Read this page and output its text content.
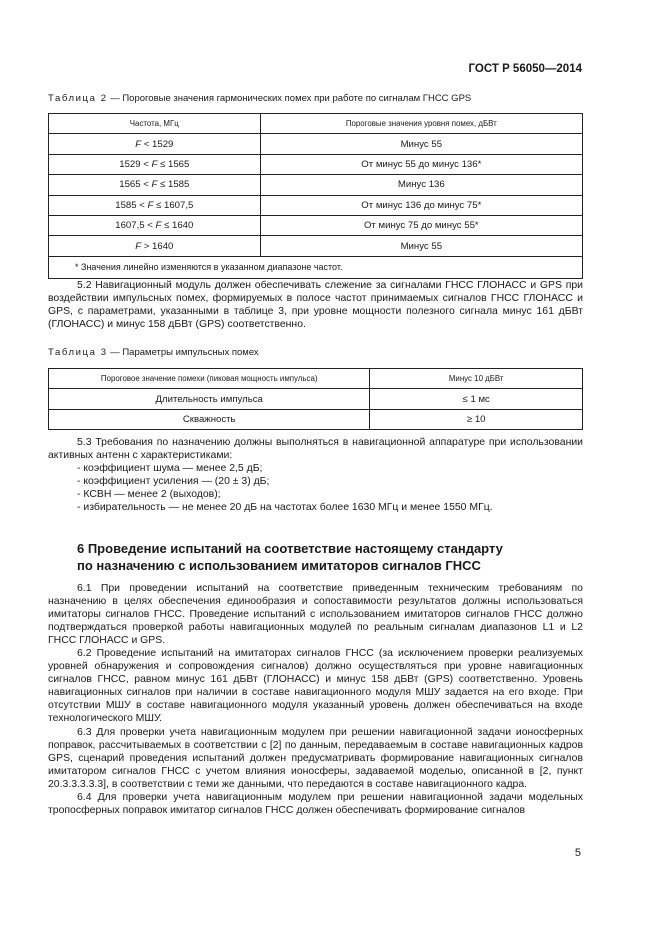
ГОСТ Р 56050—2014
Таблица 2 — Пороговые значения гармонических помех при работе по сигналам ГНСС GPS
Частота, МГц	Пороговые значения уровня помех, дБВт
F < 1529	Минус 55
1529 < F ≤ 1565	От минус 55 до минус 136*
1565 < F ≤ 1585	Минус 136
1585 < F ≤ 1607,5	От минус 136 до минус 75*
1607,5 < F ≤ 1640	От минус 75 до минус 55*
F > 1640	Минус 55
* Значения линейно изменяются в указанном диапазоне частот.	

5.2 Навигационный модуль должен обеспечивать слежение за сигналами ГНСС ГЛОНАСС и GPS при воздействии импульсных помех, формируемых в полосе частот принимаемых сигналов ГНСС ГЛОНАСС и GPS, с параметрами, указанными в таблице 3, при уровне мощности полезного сигнала минус 161 дБВт (ГЛОНАСС) и минус 158 дБВт (GPS) соответственно.

Таблица 3 — Параметры импульсных помех
Пороговое значение помехи (пиковая мощность импульса)	Минус 10 дБВт
Длительность импульса	≤ 1 мс
Скважность	≥ 10

5.3 Требования по назначению должны выполняться в навигационной аппаратуре при использовании активных антенн с характеристиками:

- коэффициент шума — менее 2,5 дБ;
- коэффициент усиления — (20 ± 3) дБ;
- КСВН — менее 2 (выходов);
- избирательность — не менее 20 дБ на частотах более 1630 МГц и менее 1550 МГц.
6 Проведение испытаний на соответствие настоящему стандарту
по назначению с использованием имитаторов сигналов ГНСС

6.1 При проведении испытаний на соответствие приведенным техническим требованиям по назначению в целях обеспечения единообразия и сопоставимости результатов должны использоваться имитаторы сигналов ГНСС. Проведение испытаний с использованием имитаторов сигналов ГНСС должно подтверждаться проверкой работы навигационных модулей по реальным сигналам диапазонов L1 и L2 ГНСС ГЛОНАСС и GPS.

6.2 Проведение испытаний на имитаторах сигналов ГНСС (за исключением проверки реализуемых уровней обнаружения и сопровождения сигналов) должно осуществляться при уровне навигационных сигналов ГНСС, равном минус 161 дБВт (ГЛОНАСС) и минус 158 дБВт (GPS) соответственно. Уровень навигационных сигналов при наличии в составе навигационного модуля МШУ задается на его входе. При отсутствии МШУ в составе навигационного модуля указанный уровень должен обеспечиваться на входе технологического МШУ.

6.3 Для проверки учета навигационным модулем при решении навигационной задачи ионосферных поправок, рассчитываемых в соответствии с [2] по данным, передаваемым в составе навигационных кадров GPS, сценарий проведения испытаний должен предусматривать формирование навигационных сигналов имитатором сигналов ГНСС с учетом влияния ионосферы, задаваемой моделью, описанной в [2, пункт 20.3.3.3.3.3], в соответствии с теми же данными, что передаются в составе навигационного кадра.

6.4 Для проверки учета навигационным модулем при решении навигационной задачи модельных тропосферных поправок имитатор сигналов ГНСС должен обеспечивать формирование сигналов

5
